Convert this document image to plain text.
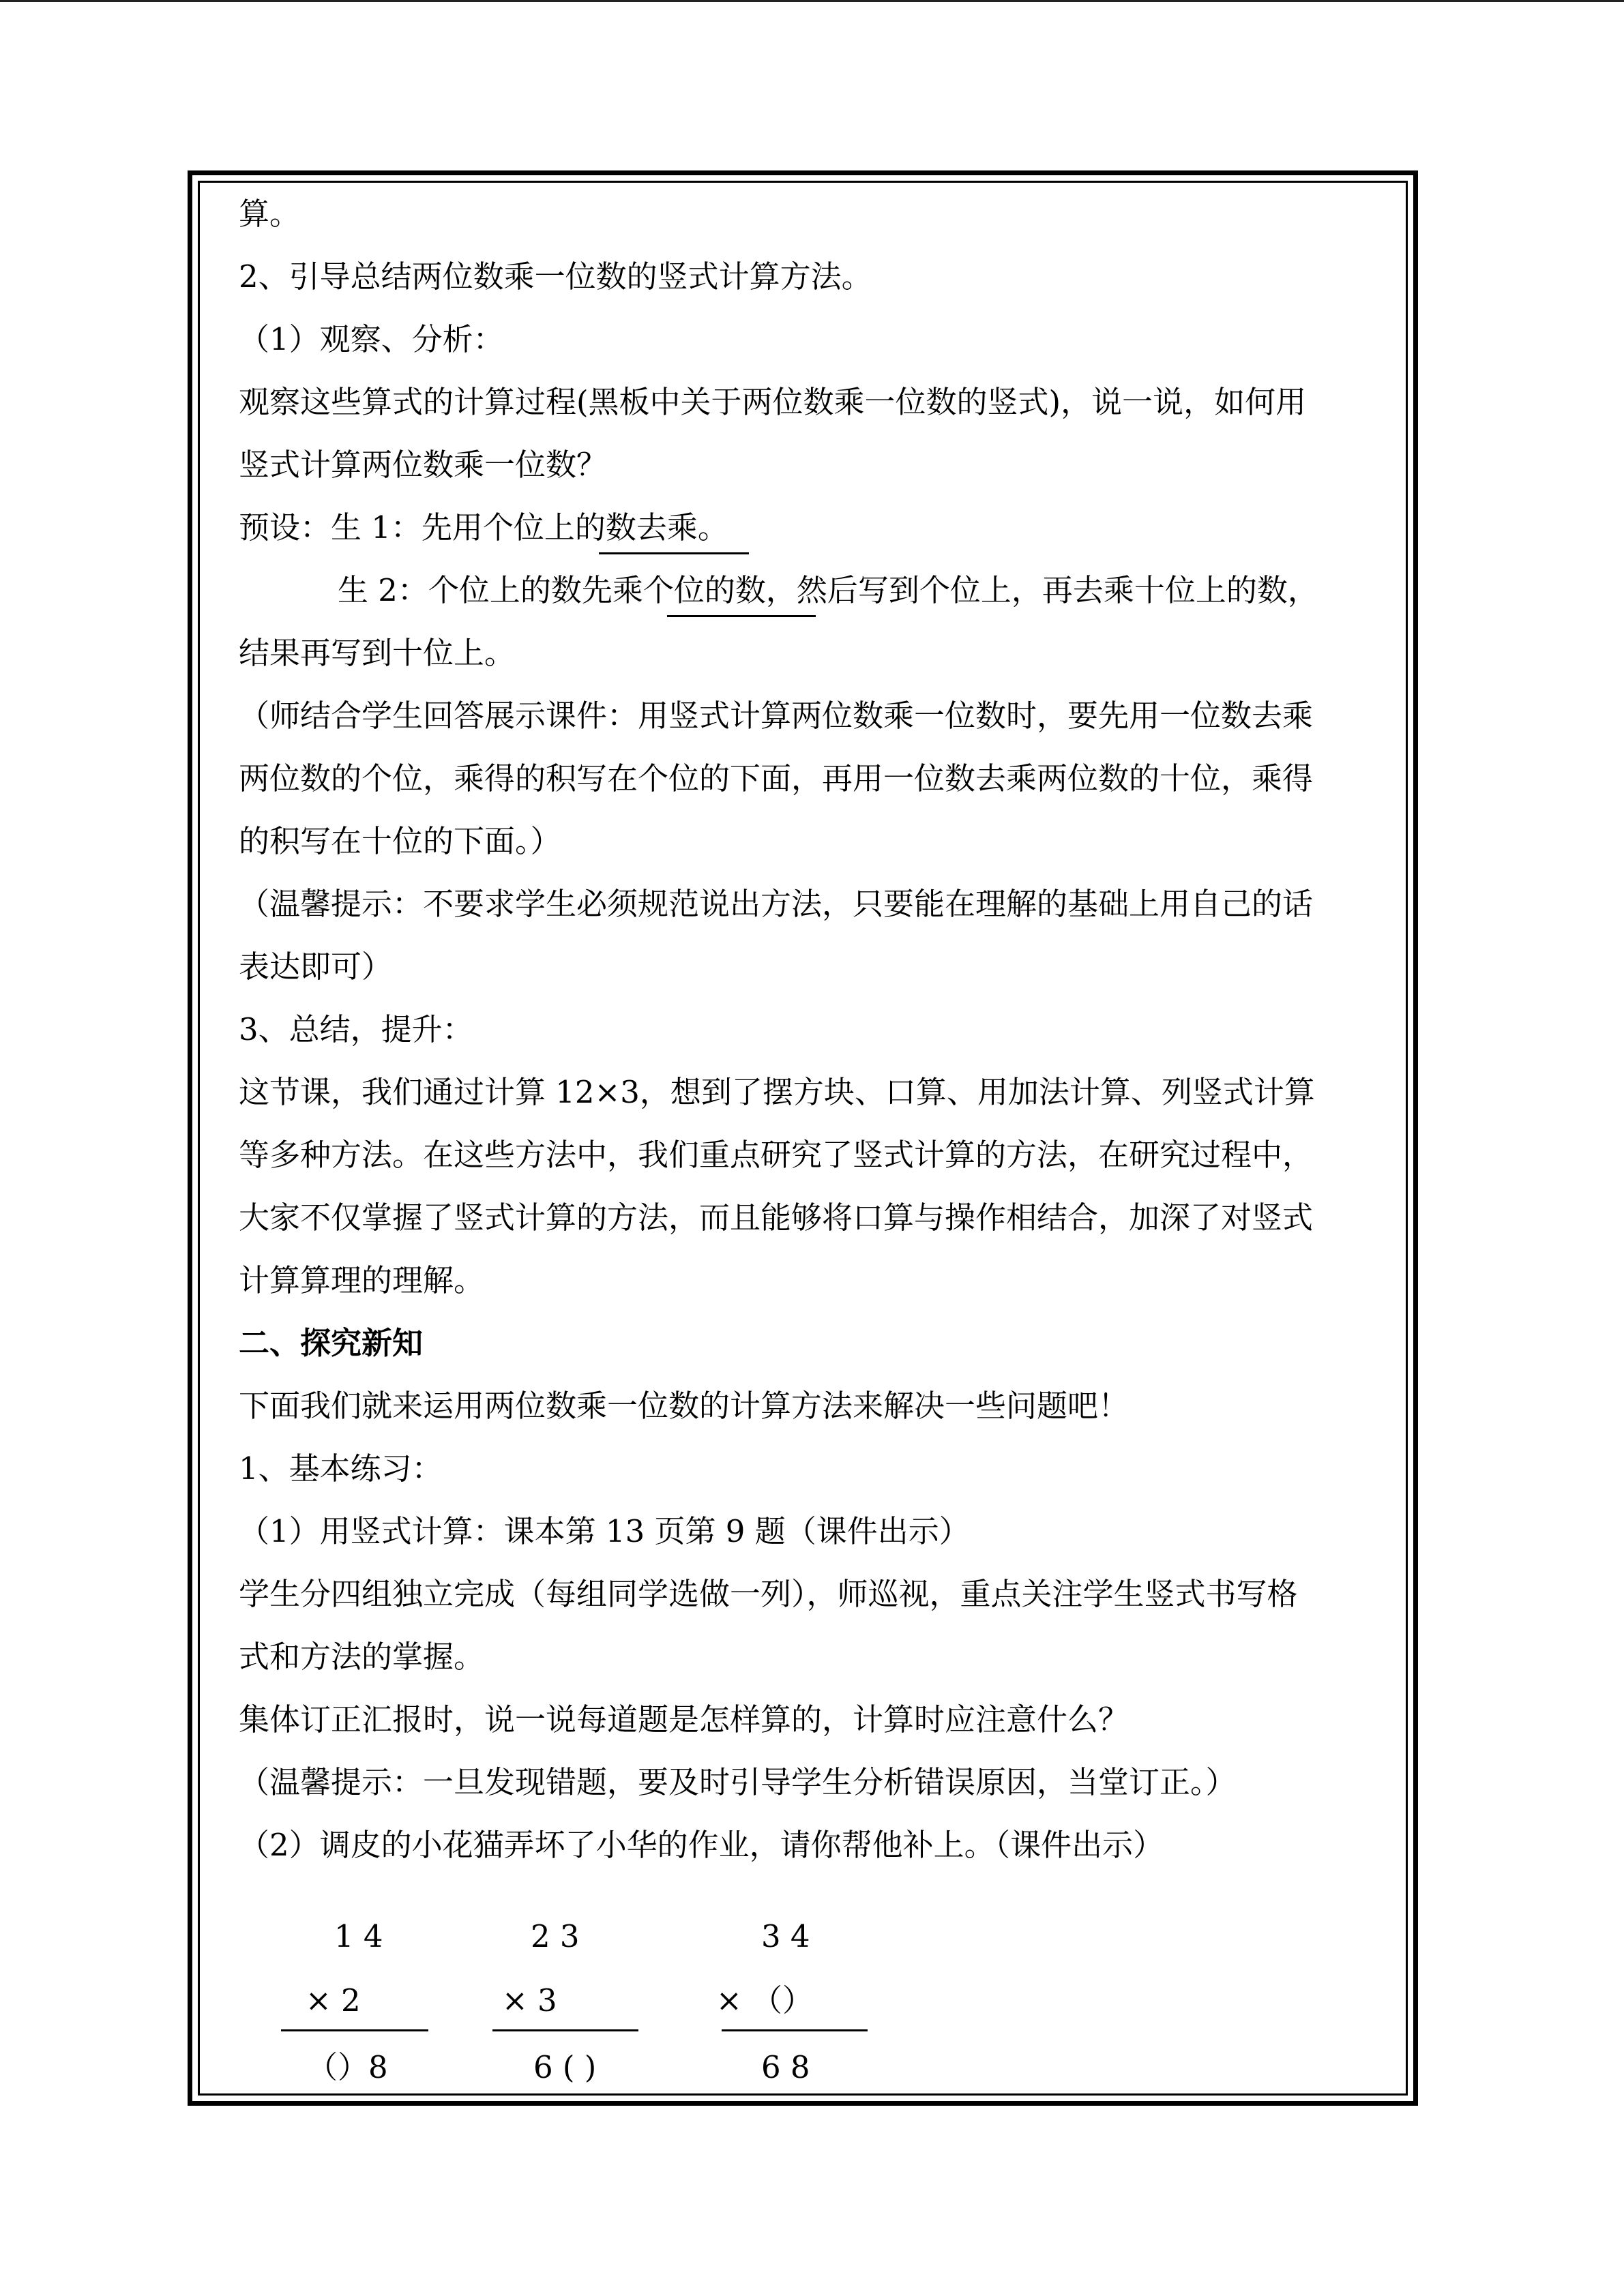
算。
2、引导总结两位数乘一位数的竖式计算方法。
（1）观察、分析：
观察这些算式的计算过程(黑板中关于两位数乘一位数的竖式)，说一说，如何用
竖式计算两位数乘一位数？
预设：生 1：先用个位上的数去乘。
生 2：个位上的数先乘个位的数，然后写到个位上，再去乘十位上的数，
结果再写到十位上。
（师结合学生回答展示课件：用竖式计算两位数乘一位数时，要先用一位数去乘
两位数的个位，乘得的积写在个位的下面，再用一位数去乘两位数的十位，乘得
的积写在十位的下面。）
（温馨提示：不要求学生必须规范说出方法，只要能在理解的基础上用自己的话
表达即可）
3、总结，提升：
这节课，我们通过计算 12×3，想到了摆方块、口算、用加法计算、列竖式计算
等多种方法。在这些方法中，我们重点研究了竖式计算的方法，在研究过程中，
大家不仅掌握了竖式计算的方法，而且能够将口算与操作相结合，加深了对竖式
计算算理的理解。
二、探究新知
下面我们就来运用两位数乘一位数的计算方法来解决一些问题吧！
1、基本练习：
（1）用竖式计算：课本第 13 页第 9 题（课件出示）
学生分四组独立完成（每组同学选做一列），师巡视，重点关注学生竖式书写格
式和方法的掌握。
集体订正汇报时，说一说每道题是怎样算的，计算时应注意什么？
（温馨提示：一旦发现错题，要及时引导学生分析错误原因，当堂订正。）
（2）调皮的小花猫弄坏了小华的作业，请你帮他补上。（课件出示）
1 4
× 2
（）8
2 3
× 3
6 ( )
3 4
× （）
6 8
